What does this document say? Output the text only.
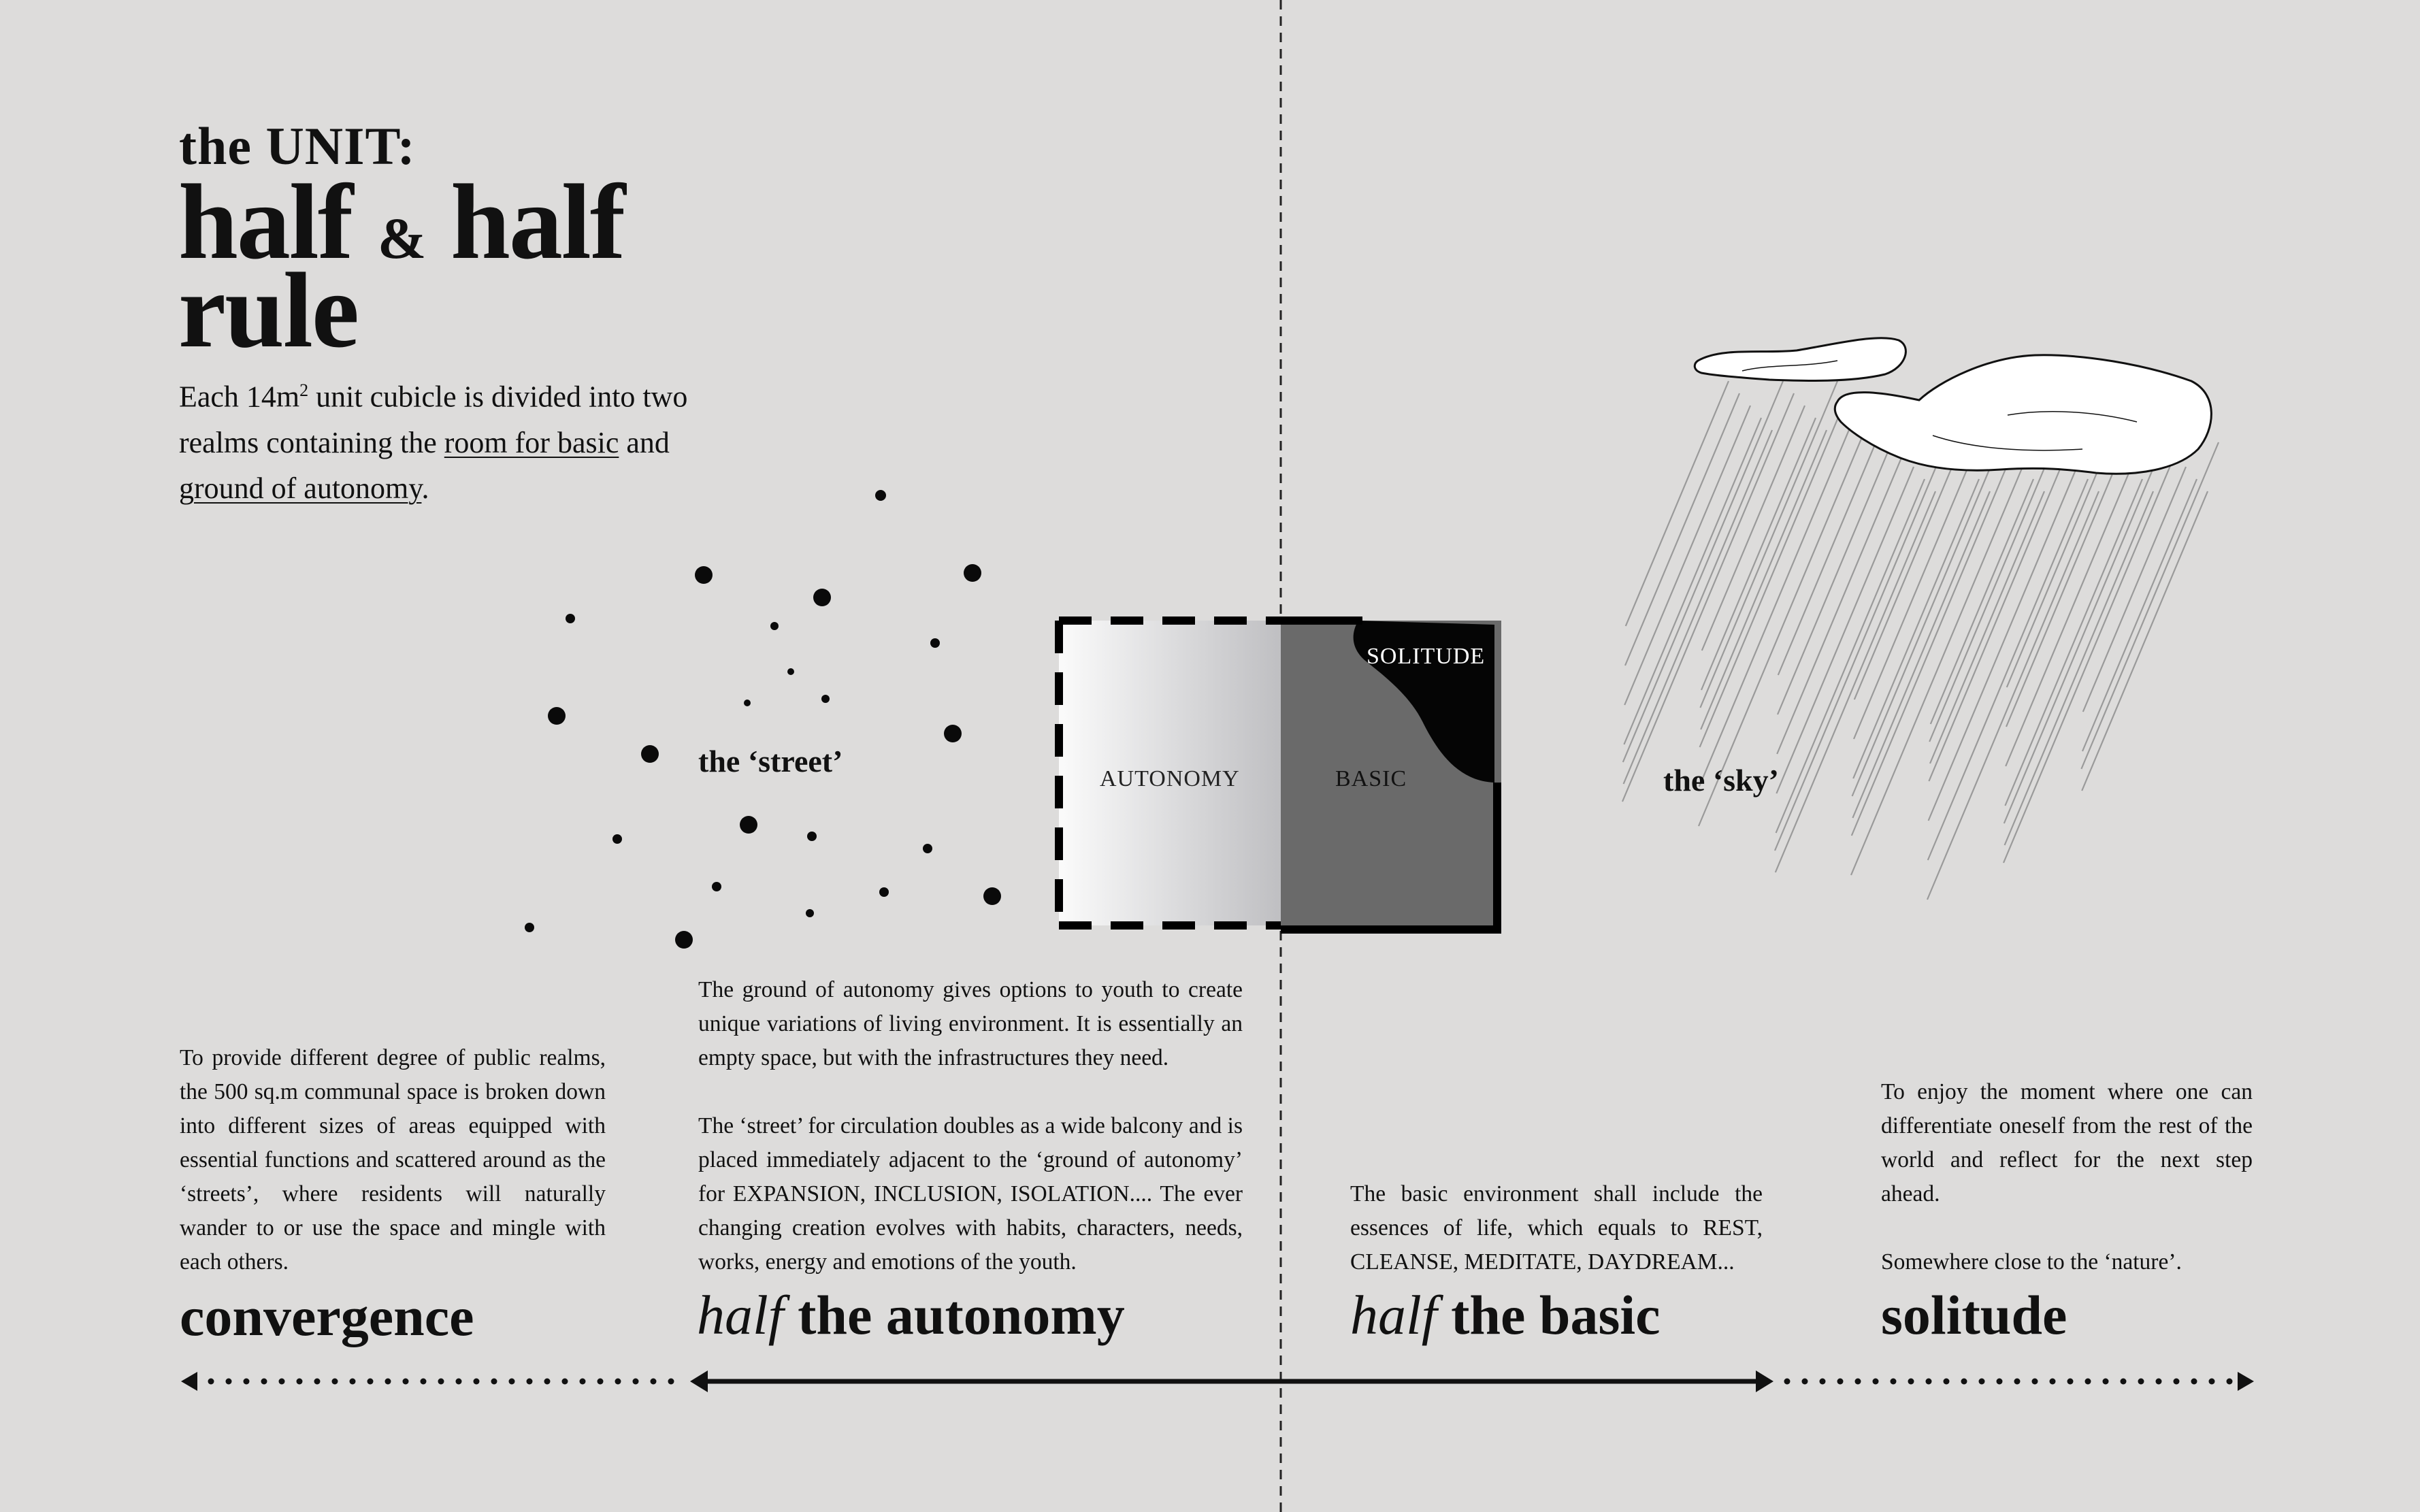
the UNIT:
half & half
rule
Each $14m^2$ unit cubicle is divided into two realms containing the room for basic and ground of autonomy.
the ‘street’
the ‘sky’
AUTONOMY	BASIC
SOLITUDE
To provide different degree of public realms, the 500 sq.m communal space is broken down into different sizes of areas equipped with essential functions and scattered around as the ‘streets’, where residents will naturally wander to or use the space and mingle with each others.
convergence
The ground of autonomy gives options to youth to create unique variations of living environment. It is essentially an empty space, but with the infrastructures they need.
The ‘street’ for circulation doubles as a wide balcony and is placed immediately adjacent to the ‘ground of autonomy’ for EXPANSION, INCLUSION, ISOLATION.... The ever changing creation evolves with habits, characters, needs, works, energy and emotions of the youth.
half the autonomy
The basic environment shall include the essences of life, which equals to REST, CLEANSE, MEDITATE, DAYDREAM...
half the basic
To enjoy the moment where one can differentiate oneself from the rest of the world and reflect for the next step ahead.
Somewhere close to the ‘nature’.
solitude
